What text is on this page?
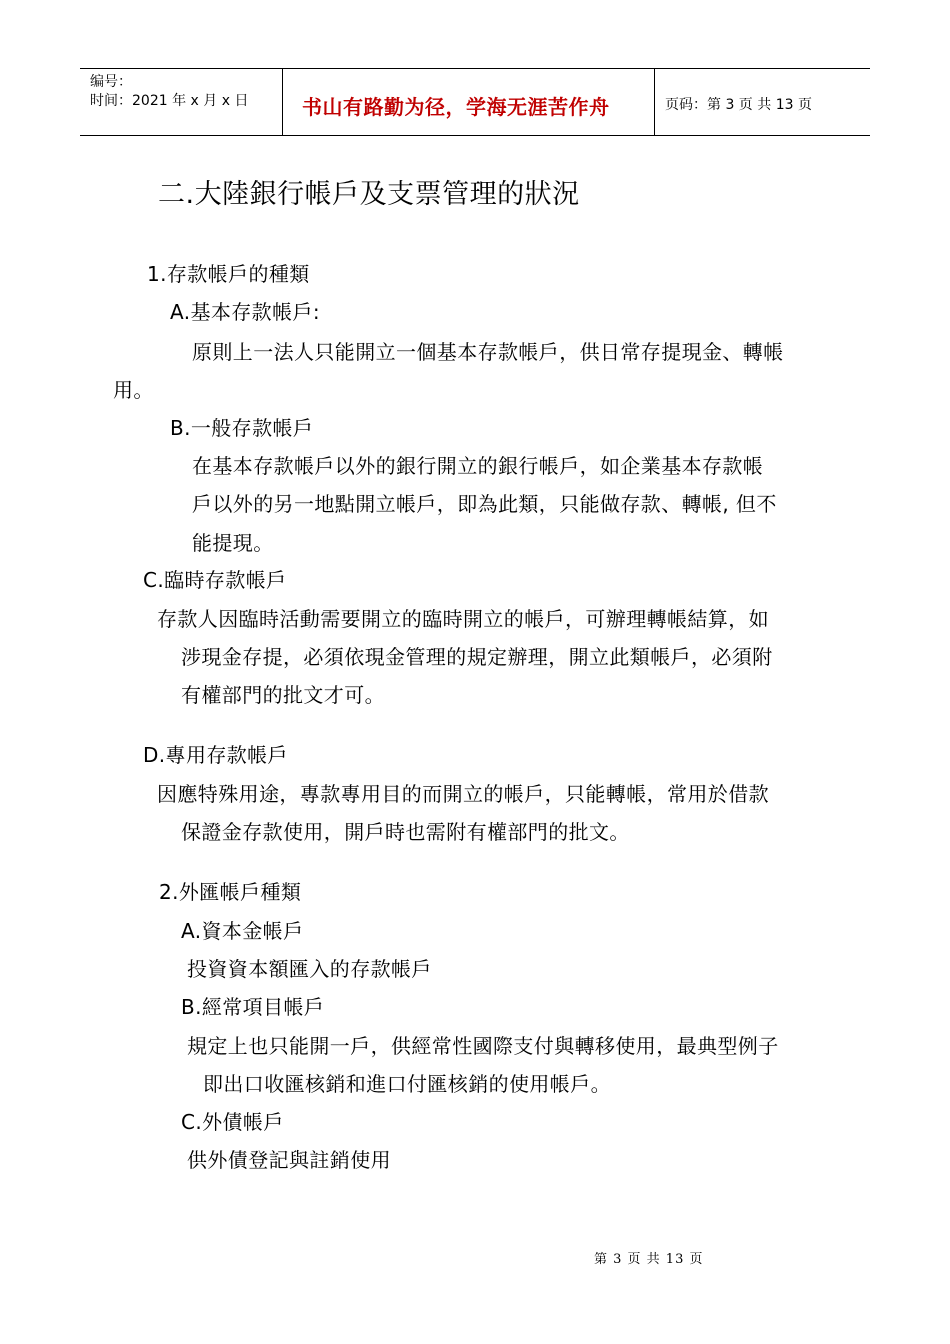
编号：
时间：2021 年 x 月 x 日	书山有路勤为径，学海无涯苦作舟	页码：第 3 页 共 13 页
二.大陸銀行帳戶及支票管理的狀況
1.存款帳戶的種類
A.基本存款帳戶:
原則上一法人只能開立一個基本存款帳戶，供日常存提現金、轉帳
用。
B.一般存款帳戶
在基本存款帳戶以外的銀行開立的銀行帳戶，如企業基本存款帳
戶以外的另一地點開立帳戶，即為此類，只能做存款、轉帳, 但不
能提現。
C.臨時存款帳戶
存款人因臨時活動需要開立的臨時開立的帳戶，可辦理轉帳結算，如
涉現金存提，必須依現金管理的規定辦理，開立此類帳戶，必須附
有權部門的批文才可。
D.專用存款帳戶
因應特殊用途，專款專用目的而開立的帳戶，只能轉帳，常用於借款
保證金存款使用，開戶時也需附有權部門的批文。
2.外匯帳戶種類
A.資本金帳戶
投資資本額匯入的存款帳戶
B.經常項目帳戶
規定上也只能開一戶，供經常性國際支付與轉移使用，最典型例子
即出口收匯核銷和進口付匯核銷的使用帳戶。
C.外債帳戶
供外債登記與註銷使用
第 3 页 共 13 页
